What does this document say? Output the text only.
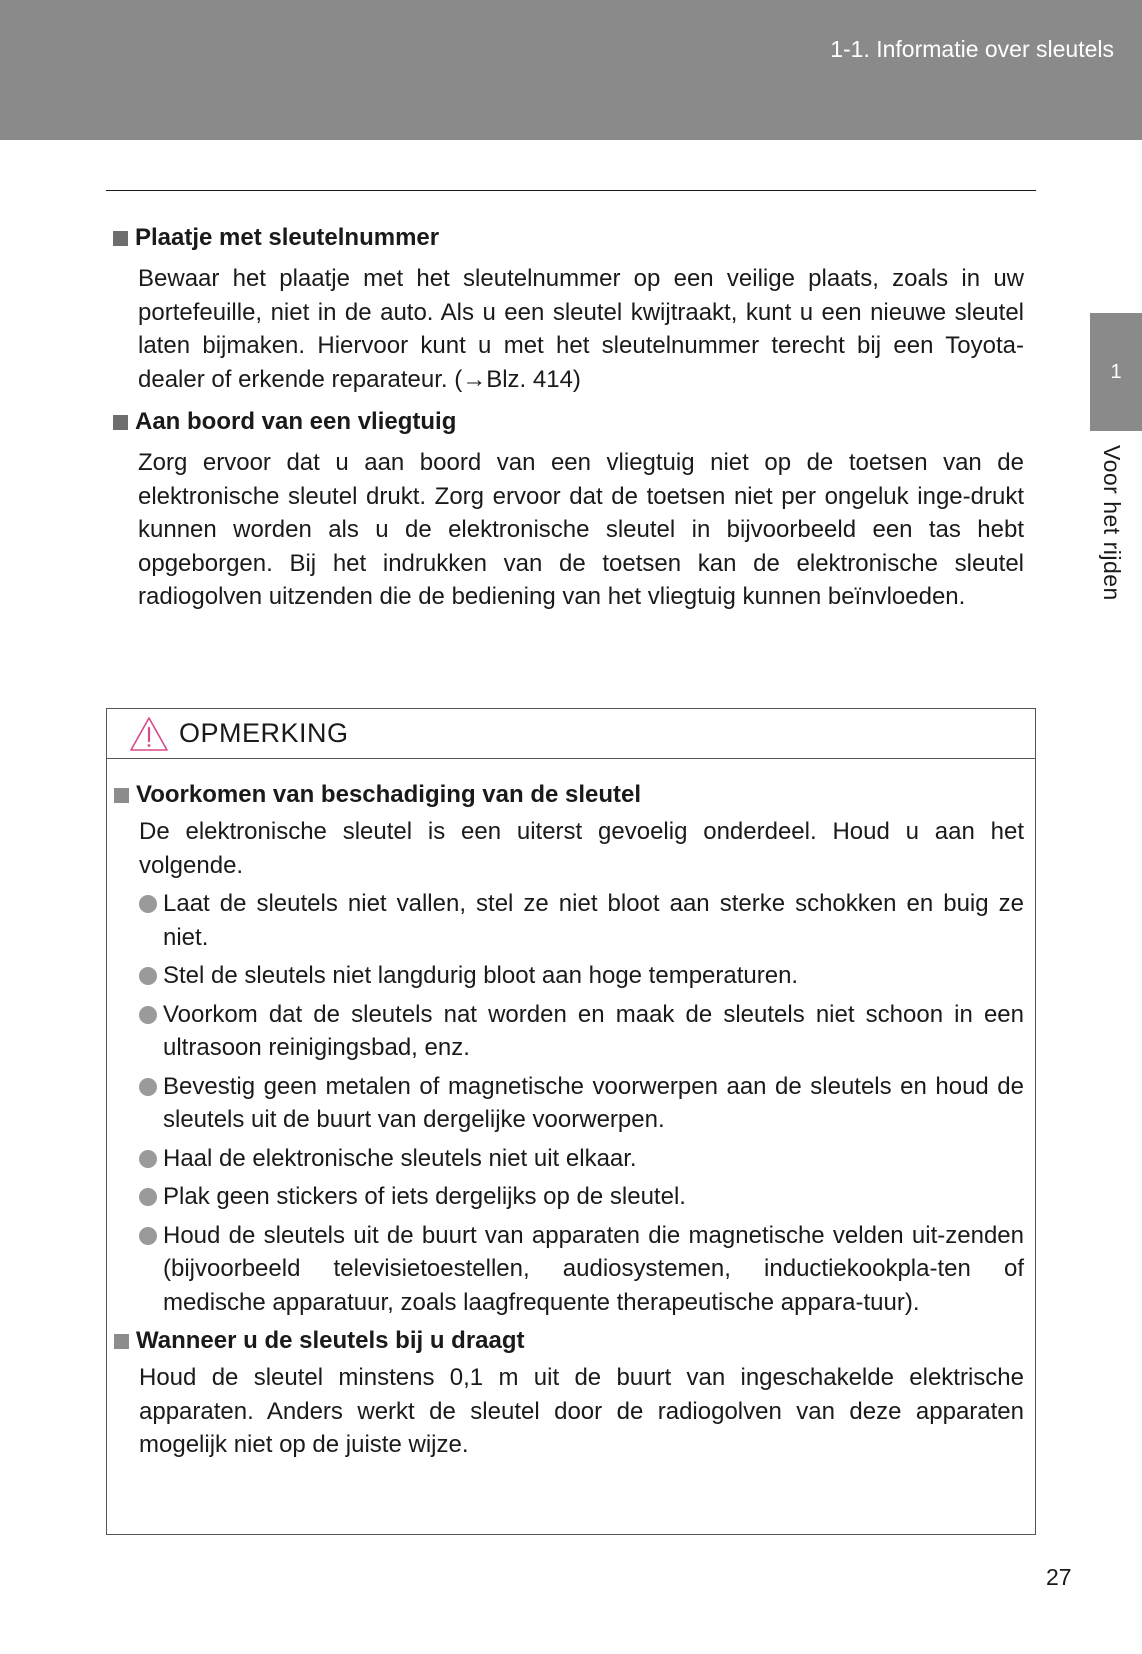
1-1. Informatie over sleutels
1
Voor het rijden
Plaatje met sleutelnummer
Bewaar het plaatje met het sleutelnummer op een veilige plaats, zoals in uw portefeuille, niet in de auto. Als u een sleutel kwijtraakt, kunt u een nieuwe sleutel laten bijmaken. Hiervoor kunt u met het sleutelnummer terecht bij een Toyota-dealer of erkende reparateur. (→Blz. 414)
Aan boord van een vliegtuig
Zorg ervoor dat u aan boord van een vliegtuig niet op de toetsen van de elektronische sleutel drukt. Zorg ervoor dat de toetsen niet per ongeluk inge-drukt kunnen worden als u de elektronische sleutel in bijvoorbeeld een tas hebt opgeborgen. Bij het indrukken van de toetsen kan de elektronische sleutel radiogolven uitzenden die de bediening van het vliegtuig kunnen beïnvloeden.
OPMERKING
Voorkomen van beschadiging van de sleutel
De elektronische sleutel is een uiterst gevoelig onderdeel. Houd u aan het volgende.
Laat de sleutels niet vallen, stel ze niet bloot aan sterke schokken en buig ze niet.
Stel de sleutels niet langdurig bloot aan hoge temperaturen.
Voorkom dat de sleutels nat worden en maak de sleutels niet schoon in een ultrasoon reinigingsbad, enz.
Bevestig geen metalen of magnetische voorwerpen aan de sleutels en houd de sleutels uit de buurt van dergelijke voorwerpen.
Haal de elektronische sleutels niet uit elkaar.
Plak geen stickers of iets dergelijks op de sleutel.
Houd de sleutels uit de buurt van apparaten die magnetische velden uit-zenden (bijvoorbeeld televisietoestellen, audiosystemen, inductiekookpla-ten of medische apparatuur, zoals laagfrequente therapeutische appara-tuur).
Wanneer u de sleutels bij u draagt
Houd de sleutel minstens 0,1 m uit de buurt van ingeschakelde elektrische apparaten. Anders werkt de sleutel door de radiogolven van deze apparaten mogelijk niet op de juiste wijze.
27
